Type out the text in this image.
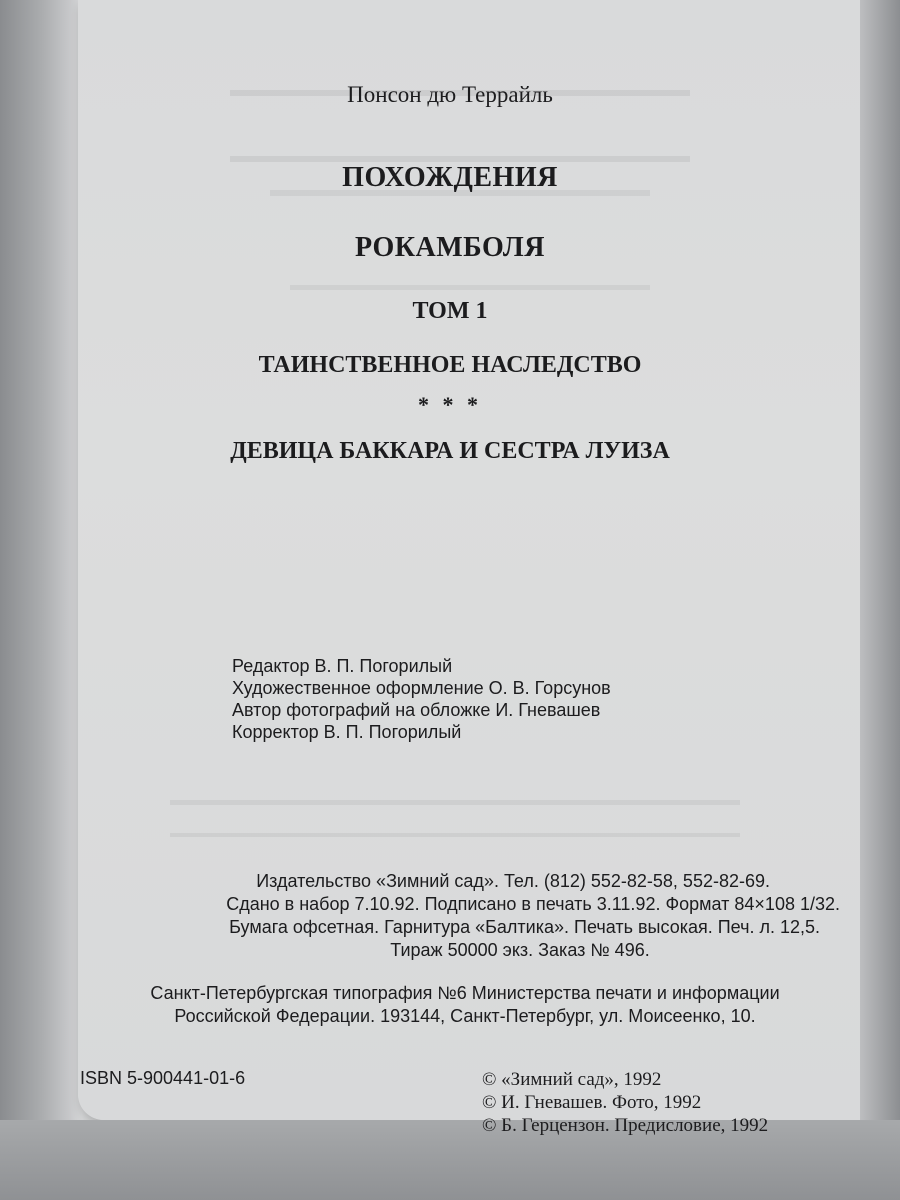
Понсон дю Террайль
ПОХОЖДЕНИЯ
РОКАМБОЛЯ
ТОМ 1
ТАИНСТВЕННОЕ НАСЛЕДСТВО
* * *
ДЕВИЦА БАККАРА И СЕСТРА ЛУИЗА
Редактор В. П. Погорилый
Художественное оформление О. В. Горсунов
Автор фотографий на обложке И. Гневашев
Корректор В. П. Погорилый
Издательство «Зимний сад». Тел. (812) 552-82-58, 552-82-69.
Сдано в набор 7.10.92. Подписано в печать 3.11.92. Формат 84×108 1/32.
Бумага офсетная. Гарнитура «Балтика». Печать высокая. Печ. л. 12,5.
Тираж 50000 экз. Заказ № 496.
Санкт-Петербургская типография №6 Министерства печати и информации
Российской Федерации. 193144, Санкт-Петербург, ул. Моисеенко, 10.
ISBN 5-900441-01-6	© «Зимний сад», 1992
© И. Гневашев. Фото, 1992
© Б. Герцензон. Предисловие, 1992
